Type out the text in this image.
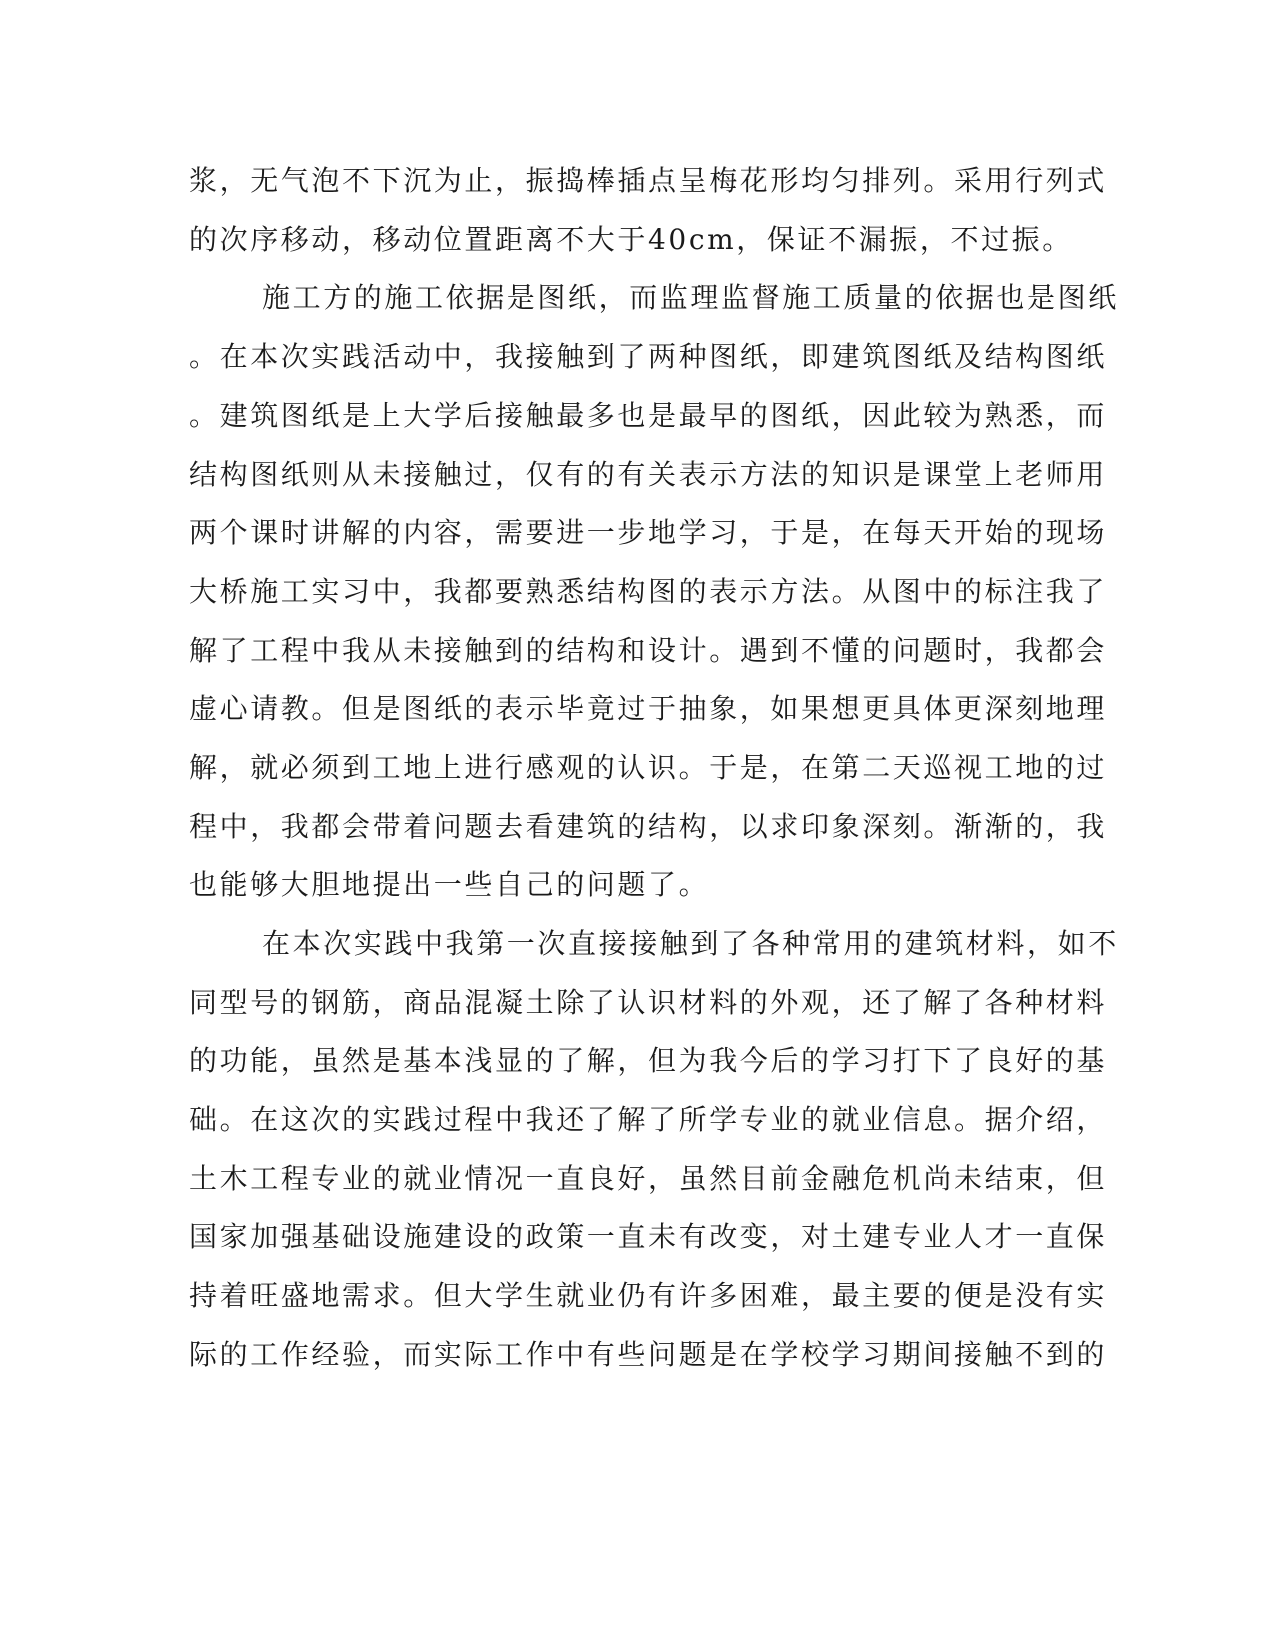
浆，无气泡不下沉为止，振捣棒插点呈梅花形均匀排列。采用行列式
的次序移动，移动位置距离不大于40cm，保证不漏振，不过振。
施工方的施工依据是图纸，而监理监督施工质量的依据也是图纸
。在本次实践活动中，我接触到了两种图纸，即建筑图纸及结构图纸
。建筑图纸是上大学后接触最多也是最早的图纸，因此较为熟悉，而
结构图纸则从未接触过，仅有的有关表示方法的知识是课堂上老师用
两个课时讲解的内容，需要进一步地学习，于是，在每天开始的现场
大桥施工实习中，我都要熟悉结构图的表示方法。从图中的标注我了
解了工程中我从未接触到的结构和设计。遇到不懂的问题时，我都会
虚心请教。但是图纸的表示毕竟过于抽象，如果想更具体更深刻地理
解，就必须到工地上进行感观的认识。于是，在第二天巡视工地的过
程中，我都会带着问题去看建筑的结构，以求印象深刻。渐渐的，我
也能够大胆地提出一些自己的问题了。
在本次实践中我第一次直接接触到了各种常用的建筑材料，如不
同型号的钢筋，商品混凝土除了认识材料的外观，还了解了各种材料
的功能，虽然是基本浅显的了解，但为我今后的学习打下了良好的基
础。在这次的实践过程中我还了解了所学专业的就业信息。据介绍，
土木工程专业的就业情况一直良好，虽然目前金融危机尚未结束，但
国家加强基础设施建设的政策一直未有改变，对土建专业人才一直保
持着旺盛地需求。但大学生就业仍有许多困难，最主要的便是没有实
际的工作经验，而实际工作中有些问题是在学校学习期间接触不到的
